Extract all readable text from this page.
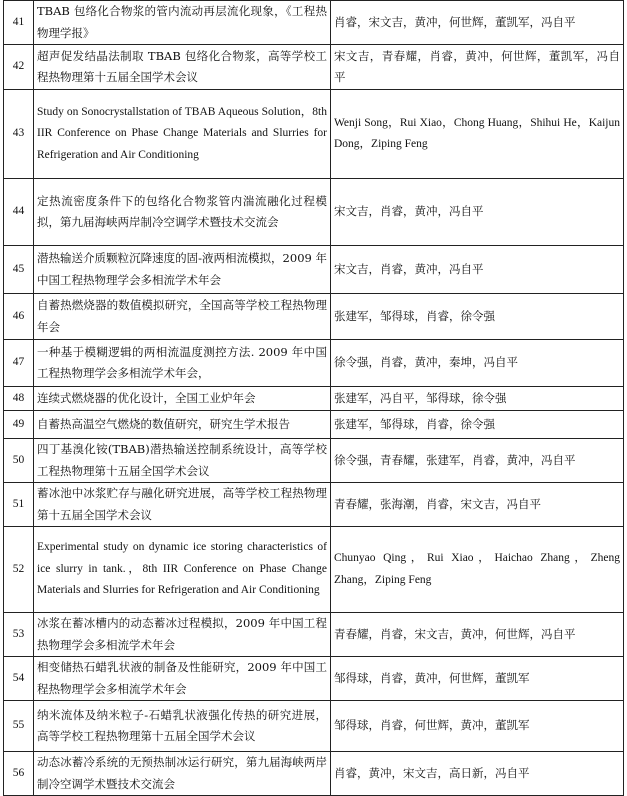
41	TBAB 包络化合物浆的管内流动再层流化现象，《工程热物理学报》	肖睿，宋文吉，黄冲，何世辉，董凯军，冯自平
42	超声促发结晶法制取 TBAB 包络化合物浆，高等学校工程热物理第十五届全国学术会议	宋文吉，青春耀，肖睿，黄冲，何世辉，董凯军，冯自平
43	Study on Sonocrystallstation of TBAB Aqueous Solution，8th IIR Conference on Phase Change Materials and Slurries for Refrigeration and Air Conditioning	Wenji Song，Rui Xiao，Chong Huang，Shihui He，Kaijun Dong，Ziping Feng
44	定热流密度条件下的包络化合物浆管内湍流融化过程模拟，第九届海峡两岸制冷空调学术暨技术交流会	宋文吉，肖睿，黄冲，冯自平
45	潜热输送介质颗粒沉降速度的固-液两相流模拟，2009 年中国工程热物理学会多相流学术年会	宋文吉，肖睿，黄冲，冯自平
46	自蓄热燃烧器的数值模拟研究，全国高等学校工程热物理年会	张建军，邹得球，肖睿，徐令强
47	一种基于模糊逻辑的两相流温度测控方法. 2009 年中国工程热物理学会多相流学术年会，	徐令强，肖睿，黄冲，秦坤，冯自平
48	连续式燃烧器的优化设计，全国工业炉年会	张建军，冯自平，邹得球，徐令强
49	自蓄热高温空气燃烧的数值研究，研究生学术报告	张建军，邹得球，肖睿，徐令强
50	四丁基溴化铵(TBAB)潜热输送控制系统设计，高等学校工程热物理第十五届全国学术会议	徐令强，青春耀，张建军，肖睿，黄冲，冯自平
51	蓄冰池中冰浆贮存与融化研究进展，高等学校工程热物理第十五届全国学术会议	青春耀，张海潮，肖睿，宋文吉，冯自平
52	Experimental study on dynamic ice storing characteristics of ice slurry in tank.，8th IIR Conference on Phase Change Materials and Slurries for Refrigeration and Air Conditioning	Chunyao Qing，Rui Xiao，Haichao Zhang，Zheng Zhang，Ziping Feng
53	冰浆在蓄冰槽内的动态蓄冰过程模拟，2009 年中国工程热物理学会多相流学术年会	青春耀，肖睿，宋文吉，黄冲，何世辉，冯自平
54	相变储热石蜡乳状液的制备及性能研究，2009 年中国工程热物理学会多相流学术年会	邹得球，肖睿，黄冲，何世辉，董凯军
55	纳米流体及纳米粒子-石蜡乳状液强化传热的研究进展，高等学校工程热物理第十五届全国学术会议	邹得球，肖睿，何世辉，黄冲，董凯军
56	动态冰蓄冷系统的无预热制冰运行研究，第九届海峡两岸制冷空调学术暨技术交流会	肖睿，黄冲，宋文吉，高日新，冯自平
